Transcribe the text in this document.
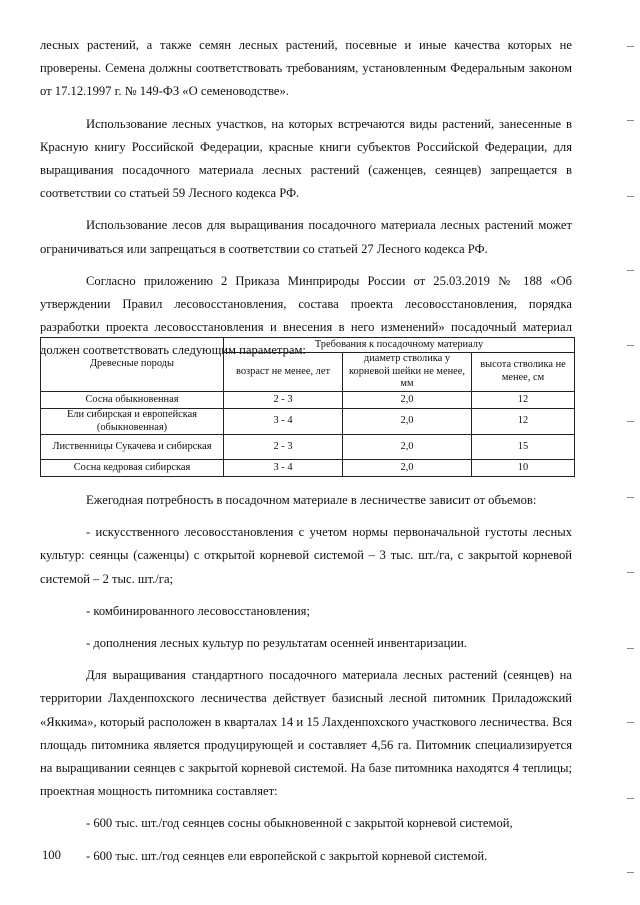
лесных растений, а также семян лесных растений, посевные и иные качества которых не проверены. Семена должны соответствовать требованиям, установленным Федеральным законом от 17.12.1997 г. № 149-ФЗ «О семеноводстве».

Использование лесных участков, на которых встречаются виды растений, занесенные в Красную книгу Российской Федерации, красные книги субъектов Российской Федерации, для выращивания посадочного материала лесных растений (саженцев, сеянцев) запрещается в соответствии со статьей 59 Лесного кодекса РФ.

Использование лесов для выращивания посадочного материала лесных растений может ограничиваться или запрещаться в соответствии со статьей 27 Лесного кодекса РФ.

Согласно приложению 2 Приказа Минприроды России от 25.03.2019 № 188 «Об утверждении Правил лесовосстановления, состава проекта лесовосстановления, порядка разработки проекта лесовосстановления и внесения в него изменений» посадочный материал должен соответствовать следующим параметрам:

Древесные породы	Требования к посадочному материалу		
	возраст не менее, лет	диаметр стволика у корневой шейки не менее, мм	высота стволика не менее, см
Сосна обыкновенная	2 - 3	2,0	12
Ели сибирская и европейская (обыкновенная)	3 - 4	2,0	12
Лиственницы Сукачева и сибирская	2 - 3	2,0	15
Сосна кедровая сибирская	3 - 4	2,0	10

Ежегодная потребность в посадочном материале в лесничестве зависит от объемов:

- искусственного лесовосстановления с учетом нормы первоначальной густоты лесных культур: сеянцы (саженцы) с открытой корневой системой – 3 тыс. шт./га, с закрытой корневой системой – 2 тыс. шт./га;

- комбинированного лесовосстановления;

- дополнения лесных культур по результатам осенней инвентаризации.

Для выращивания стандартного посадочного материала лесных растений (сеянцев) на территории Лахденпохского лесничества действует базисный лесной питомник Приладожский «Яккима», который расположен в кварталах 14 и 15 Лахденпохского участкового лесничества. Вся площадь питомника является продуцирующей и составляет 4,56 га. Питомник специализируется на выращивании сеянцев с закрытой корневой системой. На базе питомника находятся 4 теплицы; проектная мощность питомника составляет:

- 600 тыс. шт./год сеянцев сосны обыкновенной с закрытой корневой системой,

- 600 тыс. шт./год сеянцев ели европейской с закрытой корневой системой.

100
